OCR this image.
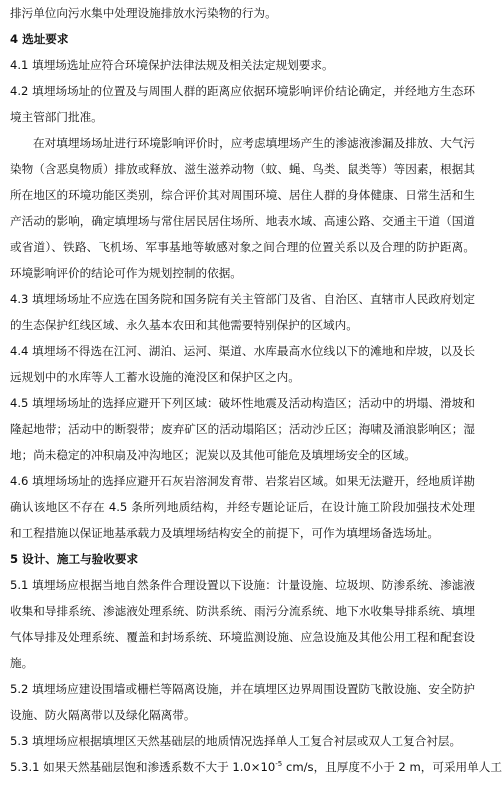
排污单位向污水集中处理设施排放水污染物的行为。
4 选址要求
4.1 填埋场选址应符合环境保护法律法规及相关法定规划要求。
4.2 填埋场场址的位置及与周围人群的距离应依据环境影响评价结论确定，并经地方生态环境主管部门批准。
在对填埋场场址进行环境影响评价时，应考虑填埋场产生的渗滤液渗漏及排放、大气污染物（含恶臭物质）排放或释放、滋生滋养动物（蚊、蝇、鸟类、鼠类等）等因素，根据其所在地区的环境功能区类别，综合评价其对周围环境、居住人群的身体健康、日常生活和生产活动的影响，确定填埋场与常住居民居住场所、地表水域、高速公路、交通主干道（国道或省道）、铁路、飞机场、军事基地等敏感对象之间合理的位置关系以及合理的防护距离。环境影响评价的结论可作为规划控制的依据。
4.3 填埋场场址不应选在国务院和国务院有关主管部门及省、自治区、直辖市人民政府划定的生态保护红线区域、永久基本农田和其他需要特别保护的区域内。
4.4 填埋场不得选在江河、湖泊、运河、渠道、水库最高水位线以下的滩地和岸坡，以及长远规划中的水库等人工蓄水设施的淹没区和保护区之内。
4.5 填埋场场址的选择应避开下列区域：破坏性地震及活动构造区；活动中的坍塌、滑坡和隆起地带；活动中的断裂带；废弃矿区的活动塌陷区；活动沙丘区；海啸及涌浪影响区；湿地；尚未稳定的冲积扇及冲沟地区；泥炭以及其他可能危及填埋场安全的区域。
4.6 填埋场场址的选择应避开石灰岩溶洞发育带、岩浆岩区域。如果无法避开，经地质详勘确认该地区不存在 4.5 条所列地质结构，并经专题论证后，在设计施工阶段加强技术处理和工程措施以保证地基承载力及填埋场结构安全的前提下，可作为填埋场备选场址。
5 设计、施工与验收要求
5.1 填埋场应根据当地自然条件合理设置以下设施：计量设施、垃圾坝、防渗系统、渗滤液收集和导排系统、渗滤液处理系统、防洪系统、雨污分流系统、地下水收集导排系统、填埋气体导排及处理系统、覆盖和封场系统、环境监测设施、应急设施及其他公用工程和配套设施。
5.2 填埋场应建设围墙或栅栏等隔离设施，并在填埋区边界周围设置防飞散设施、安全防护设施、防火隔离带以及绿化隔离带。
5.3 填埋场应根据填埋区天然基础层的地质情况选择单人工复合衬层或双人工复合衬层。
5.3.1 如果天然基础层饱和渗透系数不大于 $1.0\times 10^{-5}$ cm/s，且厚度不小于 2 m，可采用单人工
